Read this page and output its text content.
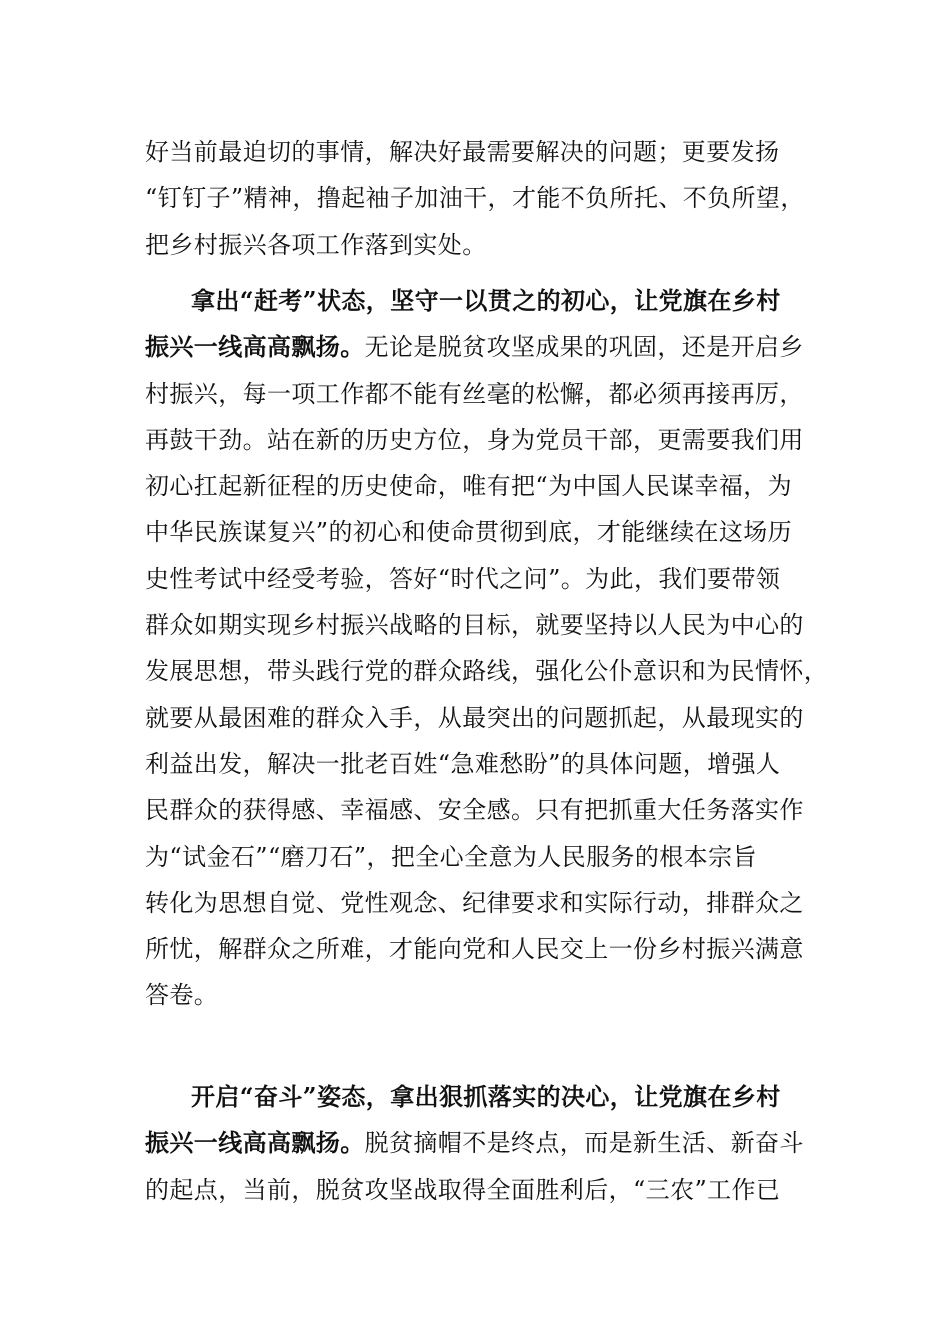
好当前最迫切的事情，解决好最需要解决的问题；更要发扬
“钉钉子”精神，撸起袖子加油干，才能不负所托、不负所望，
把乡村振兴各项工作落到实处。
拿出“赶考”状态，坚守一以贯之的初心，让党旗在乡村
振兴一线高高飘扬。无论是脱贫攻坚成果的巩固，还是开启乡
村振兴，每一项工作都不能有丝毫的松懈，都必须再接再厉，
再鼓干劲。站在新的历史方位，身为党员干部，更需要我们用
初心扛起新征程的历史使命，唯有把“为中国人民谋幸福，为
中华民族谋复兴”的初心和使命贯彻到底，才能继续在这场历
史性考试中经受考验，答好“时代之问”。为此，我们要带领
群众如期实现乡村振兴战略的目标，就要坚持以人民为中心的
发展思想，带头践行党的群众路线，强化公仆意识和为民情怀，
就要从最困难的群众入手，从最突出的问题抓起，从最现实的
利益出发，解决一批老百姓“急难愁盼”的具体问题，增强人
民群众的获得感、幸福感、安全感。只有把抓重大任务落实作
为“试金石”“磨刀石”，把全心全意为人民服务的根本宗旨
转化为思想自觉、党性观念、纪律要求和实际行动，排群众之
所忧，解群众之所难，才能向党和人民交上一份乡村振兴满意
答卷。
开启“奋斗”姿态，拿出狠抓落实的决心，让党旗在乡村
振兴一线高高飘扬。脱贫摘帽不是终点，而是新生活、新奋斗
的起点，当前，脱贫攻坚战取得全面胜利后，“三农”工作已
